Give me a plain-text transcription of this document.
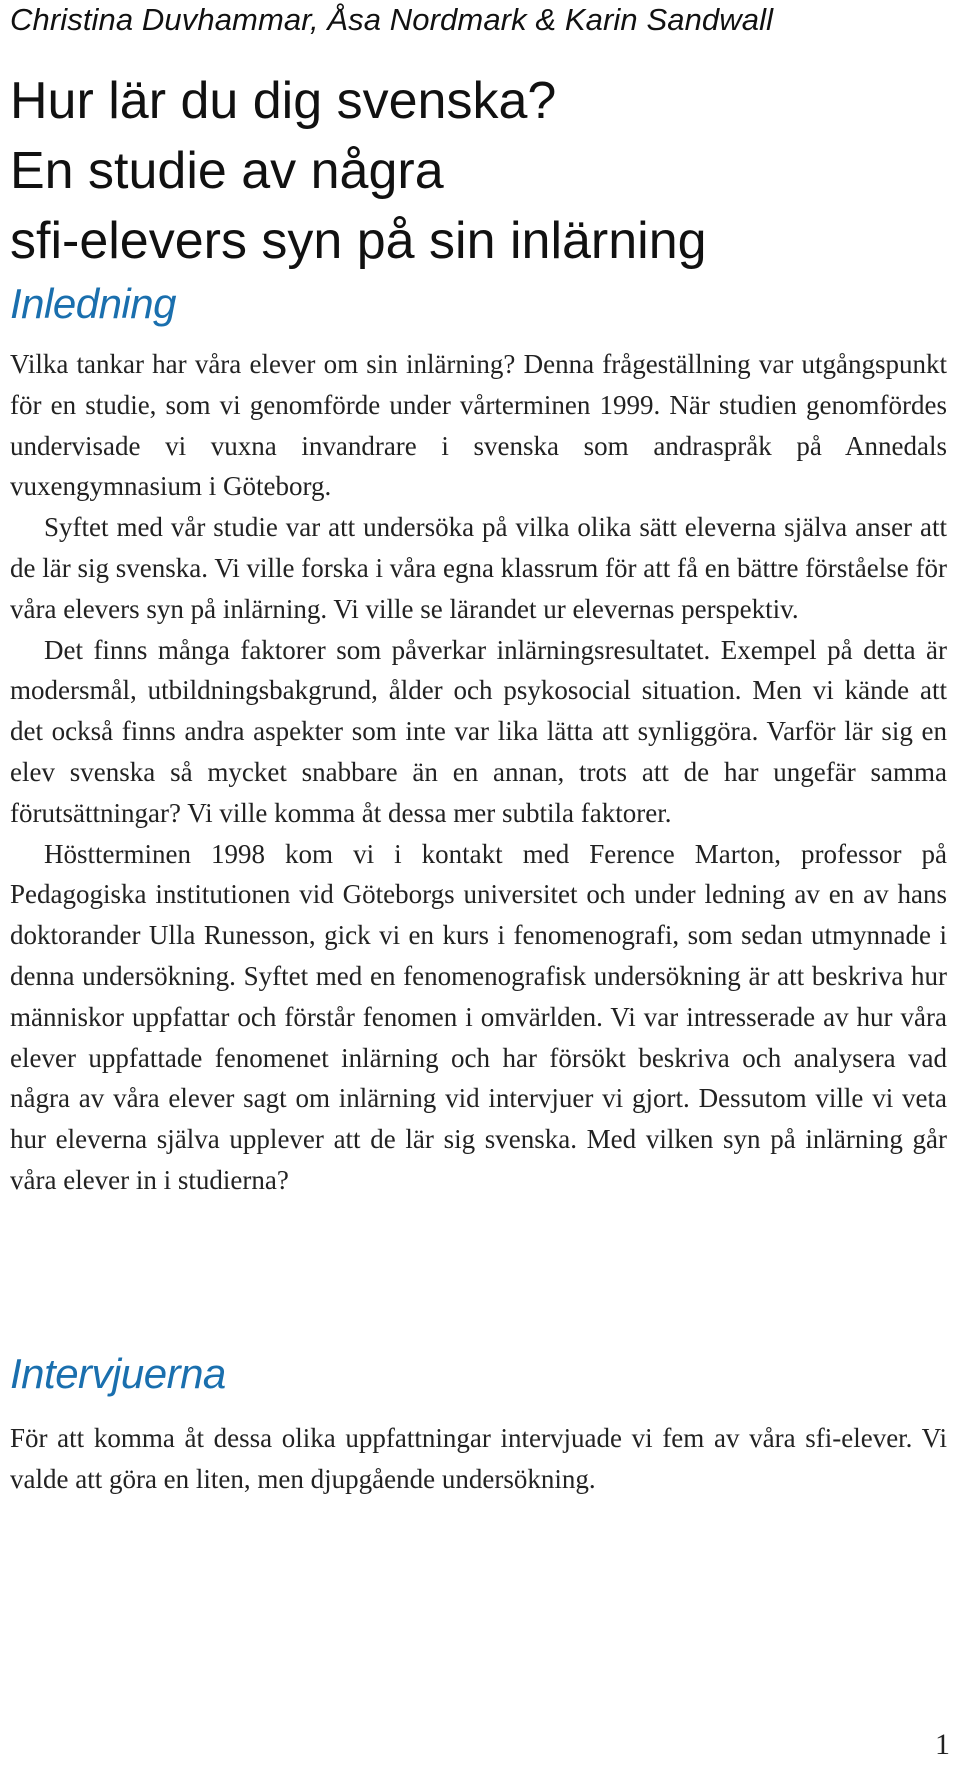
Christina Duvhammar, Åsa Nordmark & Karin Sandwall
Hur lär du dig svenska?
En studie av några
sfi-elevers syn på sin inlärning
Inledning

Vilka tankar har våra elever om sin inlärning? Denna frågeställning var utgångspunkt för en studie, som vi genomförde under vårterminen 1999. När studien genomfördes undervisade vi vuxna invandrare i svenska som andraspråk på Annedals vuxengymnasium i Göteborg.

Syftet med vår studie var att undersöka på vilka olika sätt eleverna själva anser att de lär sig svenska. Vi ville forska i våra egna klassrum för att få en bättre förståelse för våra elevers syn på inlärning. Vi ville se lärandet ur elevernas perspektiv.

Det finns många faktorer som påverkar inlärningsresultatet. Exempel på detta är modersmål, utbildningsbakgrund, ålder och psykosocial situation. Men vi kände att det också finns andra aspekter som inte var lika lätta att synliggöra. Varför lär sig en elev svenska så mycket snabbare än en annan, trots att de har ungefär samma förutsättningar? Vi ville komma åt dessa mer subtila faktorer.

Höstterminen 1998 kom vi i kontakt med Ference Marton, professor på Pedagogiska institutionen vid Göteborgs universitet och under ledning av en av hans doktorander Ulla Runesson, gick vi en kurs i fenomenografi, som sedan utmynnade i denna undersökning. Syftet med en fenomenografisk undersökning är att beskriva hur människor uppfattar och förstår fenomen i omvärlden. Vi var intresserade av hur våra elever uppfattade fenomenet inlärning och har försökt beskriva och analysera vad några av våra elever sagt om inlärning vid intervjuer vi gjort. Dessutom ville vi veta hur eleverna själva upplever att de lär sig svenska. Med vilken syn på inlärning går våra elever in i studierna?

Intervjuerna

För att komma åt dessa olika uppfattningar intervjuade vi fem av våra sfi-elever. Vi valde att göra en liten, men djupgående undersökning.

1
